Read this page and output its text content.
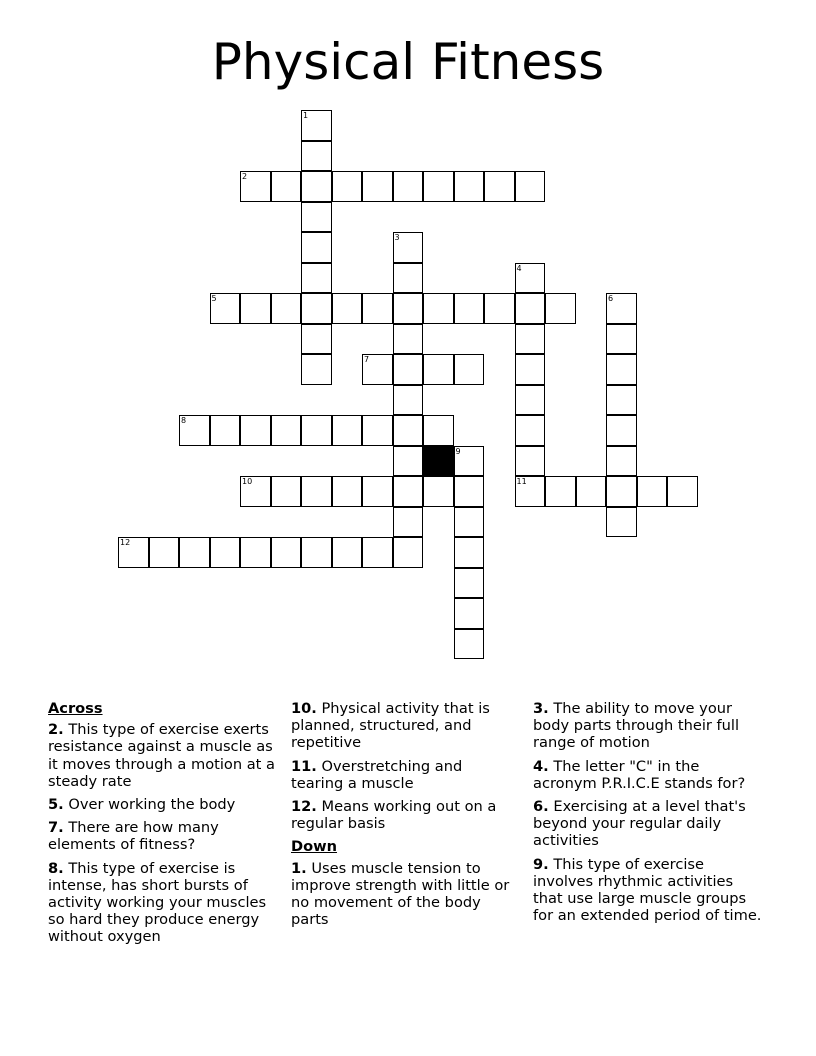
Physical Fitness
1
2
3
4
11
5	6
7
8
9
10
12
Across
2. This type of exercise exerts resistance against a muscle as it moves through a motion at a steady rate
5. Over working the body
7. There are how many elements of fitness?
8. This type of exercise is intense, has short bursts of activity working your muscles so hard they produce energy without oxygen
10. Physical activity that is planned, structured, and repetitive
11. Overstretching and tearing a muscle
12. Means working out on a regular basis
Down
1. Uses muscle tension to improve strength with little or no movement of the body parts
3. The ability to move your body parts through their full range of motion
4. The letter "C" in the acronym P.R.I.C.E stands for?
6. Exercising at a level that's beyond your regular daily activities
9. This type of exercise involves rhythmic activities that use large muscle groups for an extended period of time.
